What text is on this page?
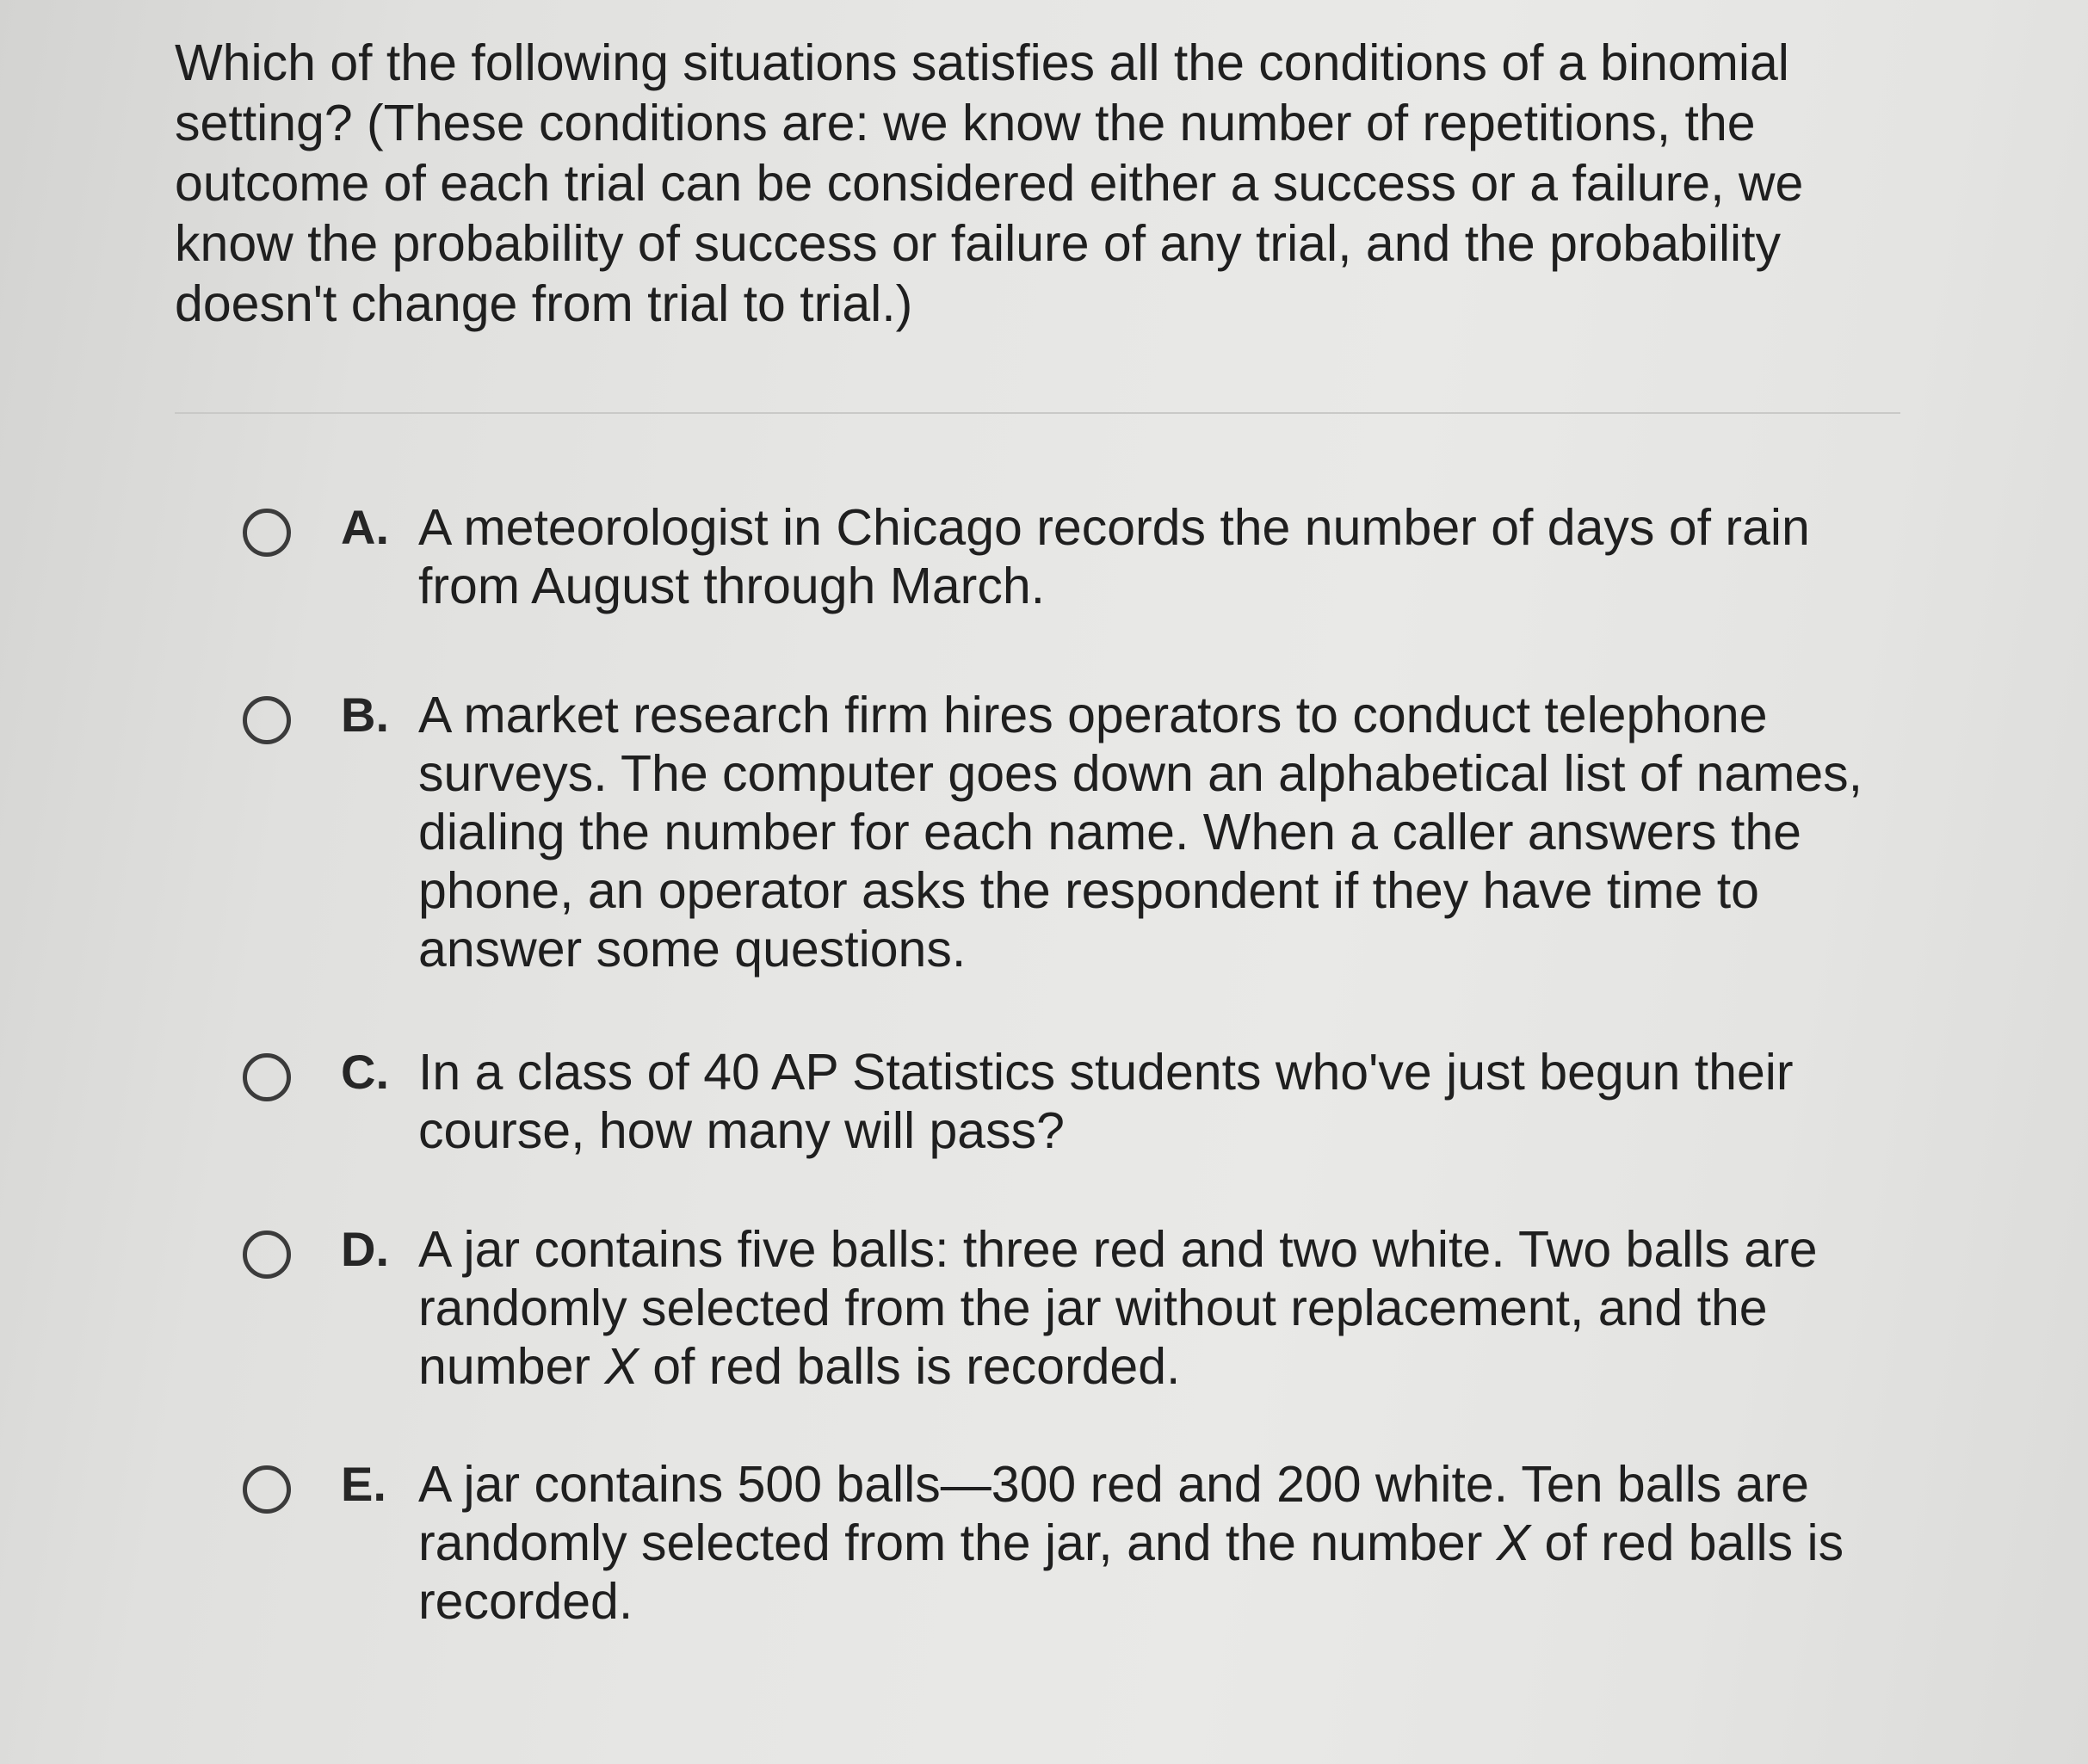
Which of the following situations satisfies all the conditions of a binomial
setting? (These conditions are: we know the number of repetitions, the
outcome of each trial can be considered either a success or a failure, we
know the probability of success or failure of any trial, and the probability
doesn't change from trial to trial.)
A. A meteorologist in Chicago records the number of days of rain
from August through March.
B. A market research firm hires operators to conduct telephone
surveys. The computer goes down an alphabetical list of names,
dialing the number for each name. When a caller answers the
phone, an operator asks the respondent if they have time to
answer some questions.
C. In a class of 40 AP Statistics students who've just begun their
course, how many will pass?
D. A jar contains five balls: three red and two white. Two balls are
randomly selected from the jar without replacement, and the
number X of red balls is recorded.
E. A jar contains 500 balls—300 red and 200 white. Ten balls are
randomly selected from the jar, and the number X of red balls is
recorded.
